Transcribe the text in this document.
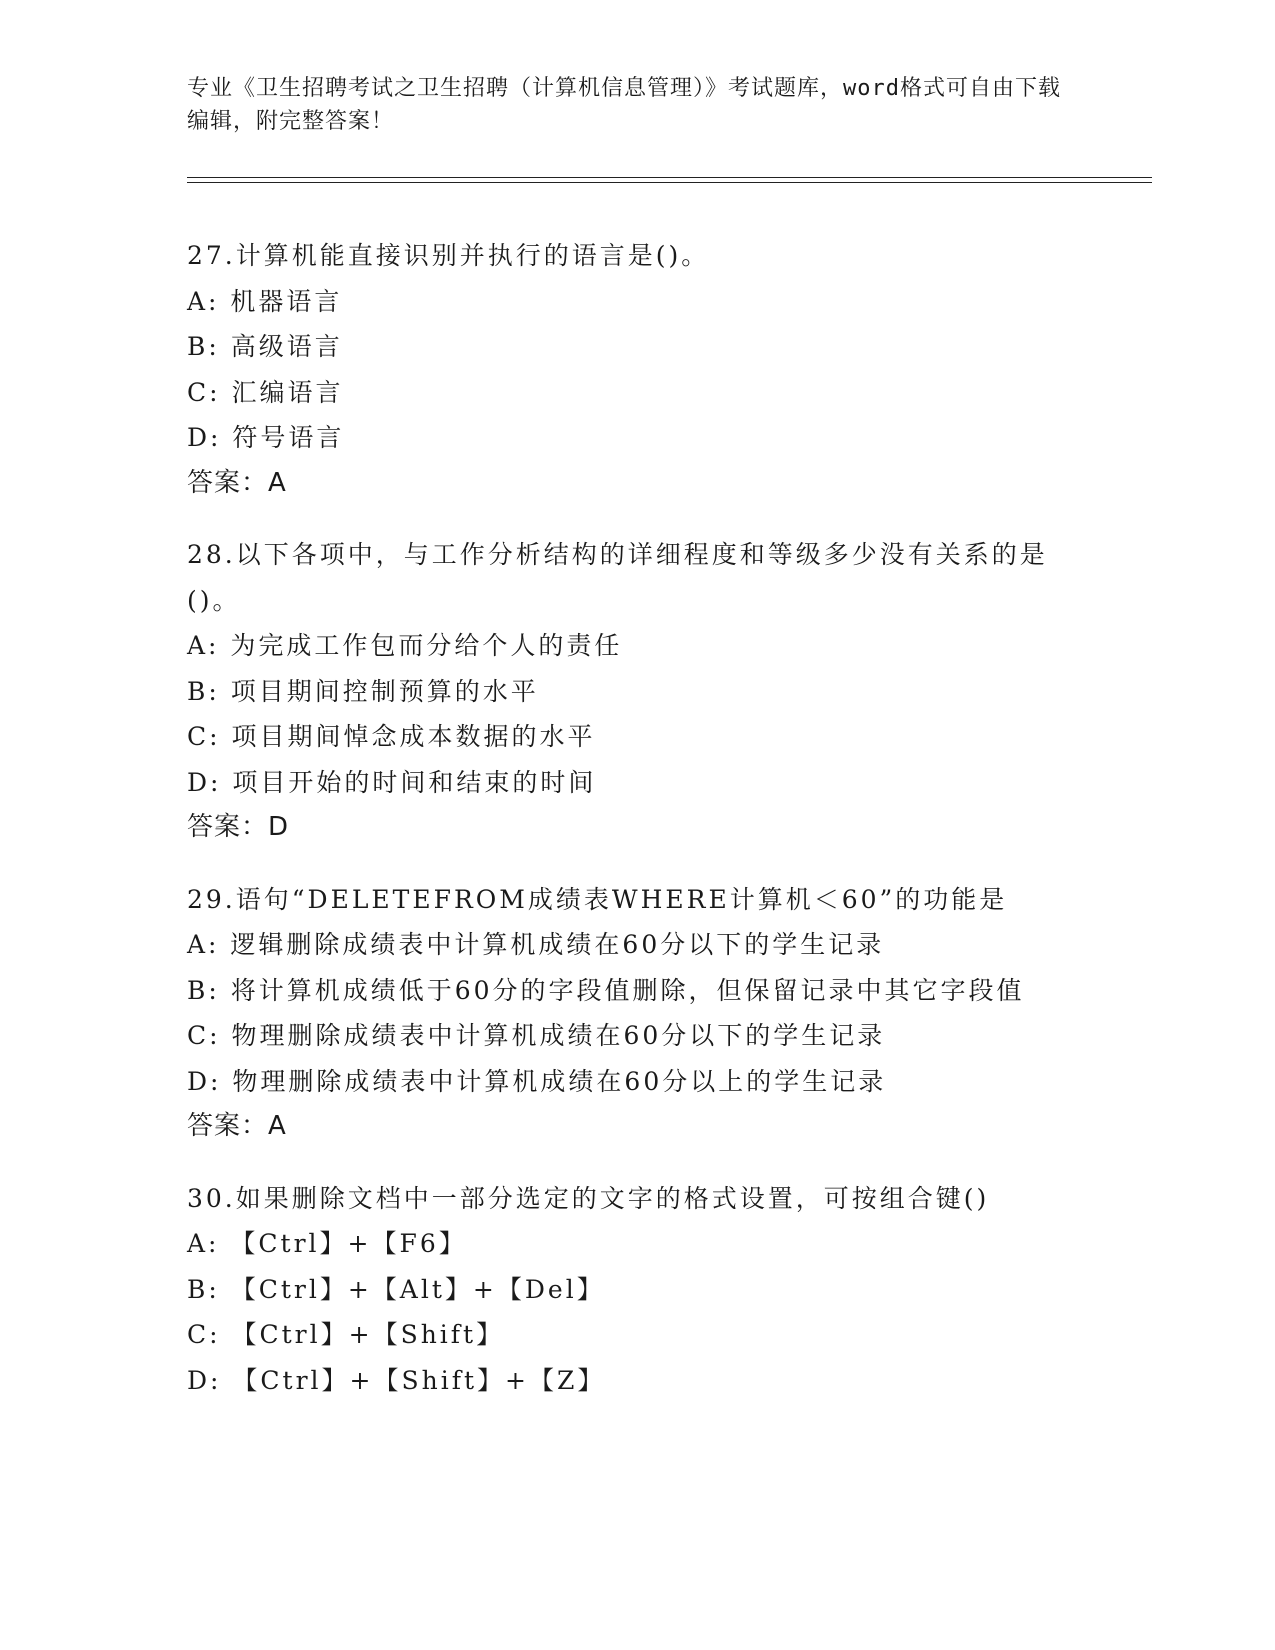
专业《卫生招聘考试之卫生招聘（计算机信息管理）》考试题库，word格式可自由下载编辑，附完整答案！
27.计算机能直接识别并执行的语言是()。
A: 机器语言
B: 高级语言
C: 汇编语言
D: 符号语言
答案：A
28.以下各项中，与工作分析结构的详细程度和等级多少没有关系的是()。
A: 为完成工作包而分给个人的责任
B: 项目期间控制预算的水平
C: 项目期间悼念成本数据的水平
D: 项目开始的时间和结束的时间
答案：D
29.语句“DELETEFROM成绩表WHERE计算机＜60”的功能是
A: 逻辑删除成绩表中计算机成绩在60分以下的学生记录
B: 将计算机成绩低于60分的字段值删除，但保留记录中其它字段值
C: 物理删除成绩表中计算机成绩在60分以下的学生记录
D: 物理删除成绩表中计算机成绩在60分以上的学生记录
答案：A
30.如果删除文档中一部分选定的文字的格式设置，可按组合键()
A: 【Ctrl】+【F6】
B: 【Ctrl】+【Alt】+【Del】
C: 【Ctrl】+【Shift】
D: 【Ctrl】+【Shift】+【Z】
